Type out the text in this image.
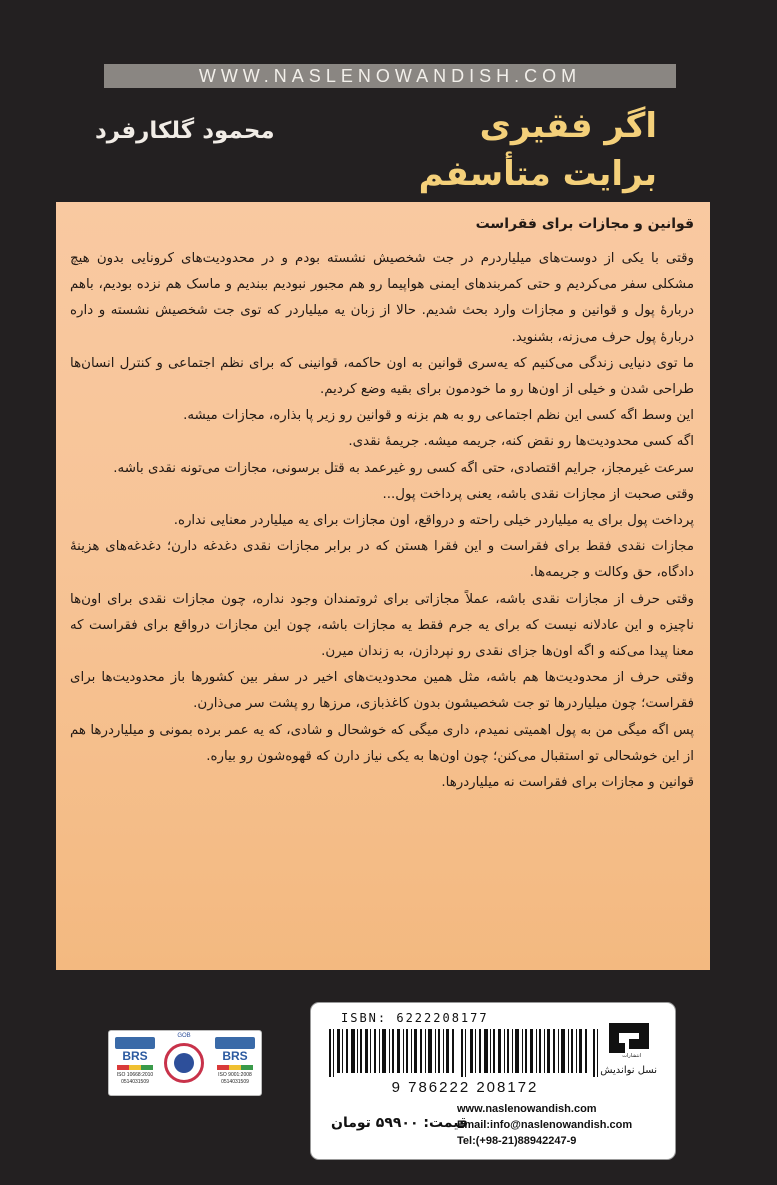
WWW.NASLENOWANDISH.COM

اگر فقیری

برایت متأسفم

محمود گلکارفرد

قوانین و مجازات برای فقراست

وقتی با یکی از دوست‌های میلیاردرم در جت شخصیش نشسته بودم و در محدودیت‌های کرونایی بدون هیچ مشکلی سفر می‌کردیم و حتی کمربندهای ایمنی هواپیما رو هم مجبور نبودیم ببندیم و ماسک هم نزده بودیم، باهم دربارهٔ پول و قوانین و مجازات وارد بحث شدیم. حالا از زبان یه میلیاردر که توی جت شخصیش نشسته و داره دربارهٔ پول حرف می‌زنه، بشنوید.

ما توی دنیایی زندگی می‌کنیم که یه‌سری قوانین به اون حاکمه، قوانینی که برای نظم اجتماعی و کنترل انسان‌ها طراحی شدن و خیلی از اون‌ها رو ما خودمون برای بقیه وضع کردیم.

این وسط اگه کسی این نظم اجتماعی رو به هم بزنه و قوانین رو زیر پا بذاره، مجازات میشه.

اگه کسی محدودیت‌ها رو نقض کنه، جریمه میشه. جریمهٔ نقدی.

سرعت غیرمجاز، جرایم اقتصادی، حتی اگه کسی رو غیرعمد به قتل برسونی، مجازات می‌تونه نقدی باشه.

وقتی صحبت از مجازات نقدی باشه، یعنی پرداخت پول...

پرداخت پول برای یه میلیاردر خیلی راحته و درواقع، اون مجازات برای یه میلیاردر معنایی نداره.

مجازات نقدی فقط برای فقراست و این فقرا هستن که در برابر مجازات نقدی دغدغه دارن؛ دغدغه‌های هزینهٔ دادگاه، حق وکالت و جریمه‌ها.

وقتی حرف از مجازات نقدی باشه، عملاً مجازاتی برای ثروتمندان وجود نداره، چون مجازات نقدی برای اون‌ها ناچیزه و این عادلانه نیست که برای یه جرم فقط یه مجازات باشه، چون این مجازات درواقع برای فقراست که معنا پیدا می‌کنه و اگه اون‌ها جزای نقدی رو نپردازن، به زندان میرن.

وقتی حرف از محدودیت‌ها هم باشه، مثل همین محدودیت‌های اخیر در سفر بین کشورها باز محدودیت‌ها برای فقراست؛ چون میلیاردرها تو جت شخصیشون بدون کاغذبازی، مرزها رو پشت سر می‌ذارن.

پس اگه میگی من به پول اهمیتی نمیدم، داری میگی که خوشحال و شادی، که یه عمر برده بمونی و میلیاردرها هم از این خوشحالی تو استقبال می‌کنن؛ چون اون‌ها به یکی نیاز دارن که قهوه‌شون رو بیاره.

قوانین و مجازات برای فقراست نه میلیاردرها.

BRS
ISO 10668:2010
0514031509
GOB
BRS
ISO 9001:2008
0514031509
ISBN: 6222208177
9 786222 208172
انتشارات
نسل نواندیش
www.naslenowandish.com
Email:info@naslenowandish.com
Tel:(+98-21)88942247-9
قیمت: ۵۹۹۰۰ تومان
